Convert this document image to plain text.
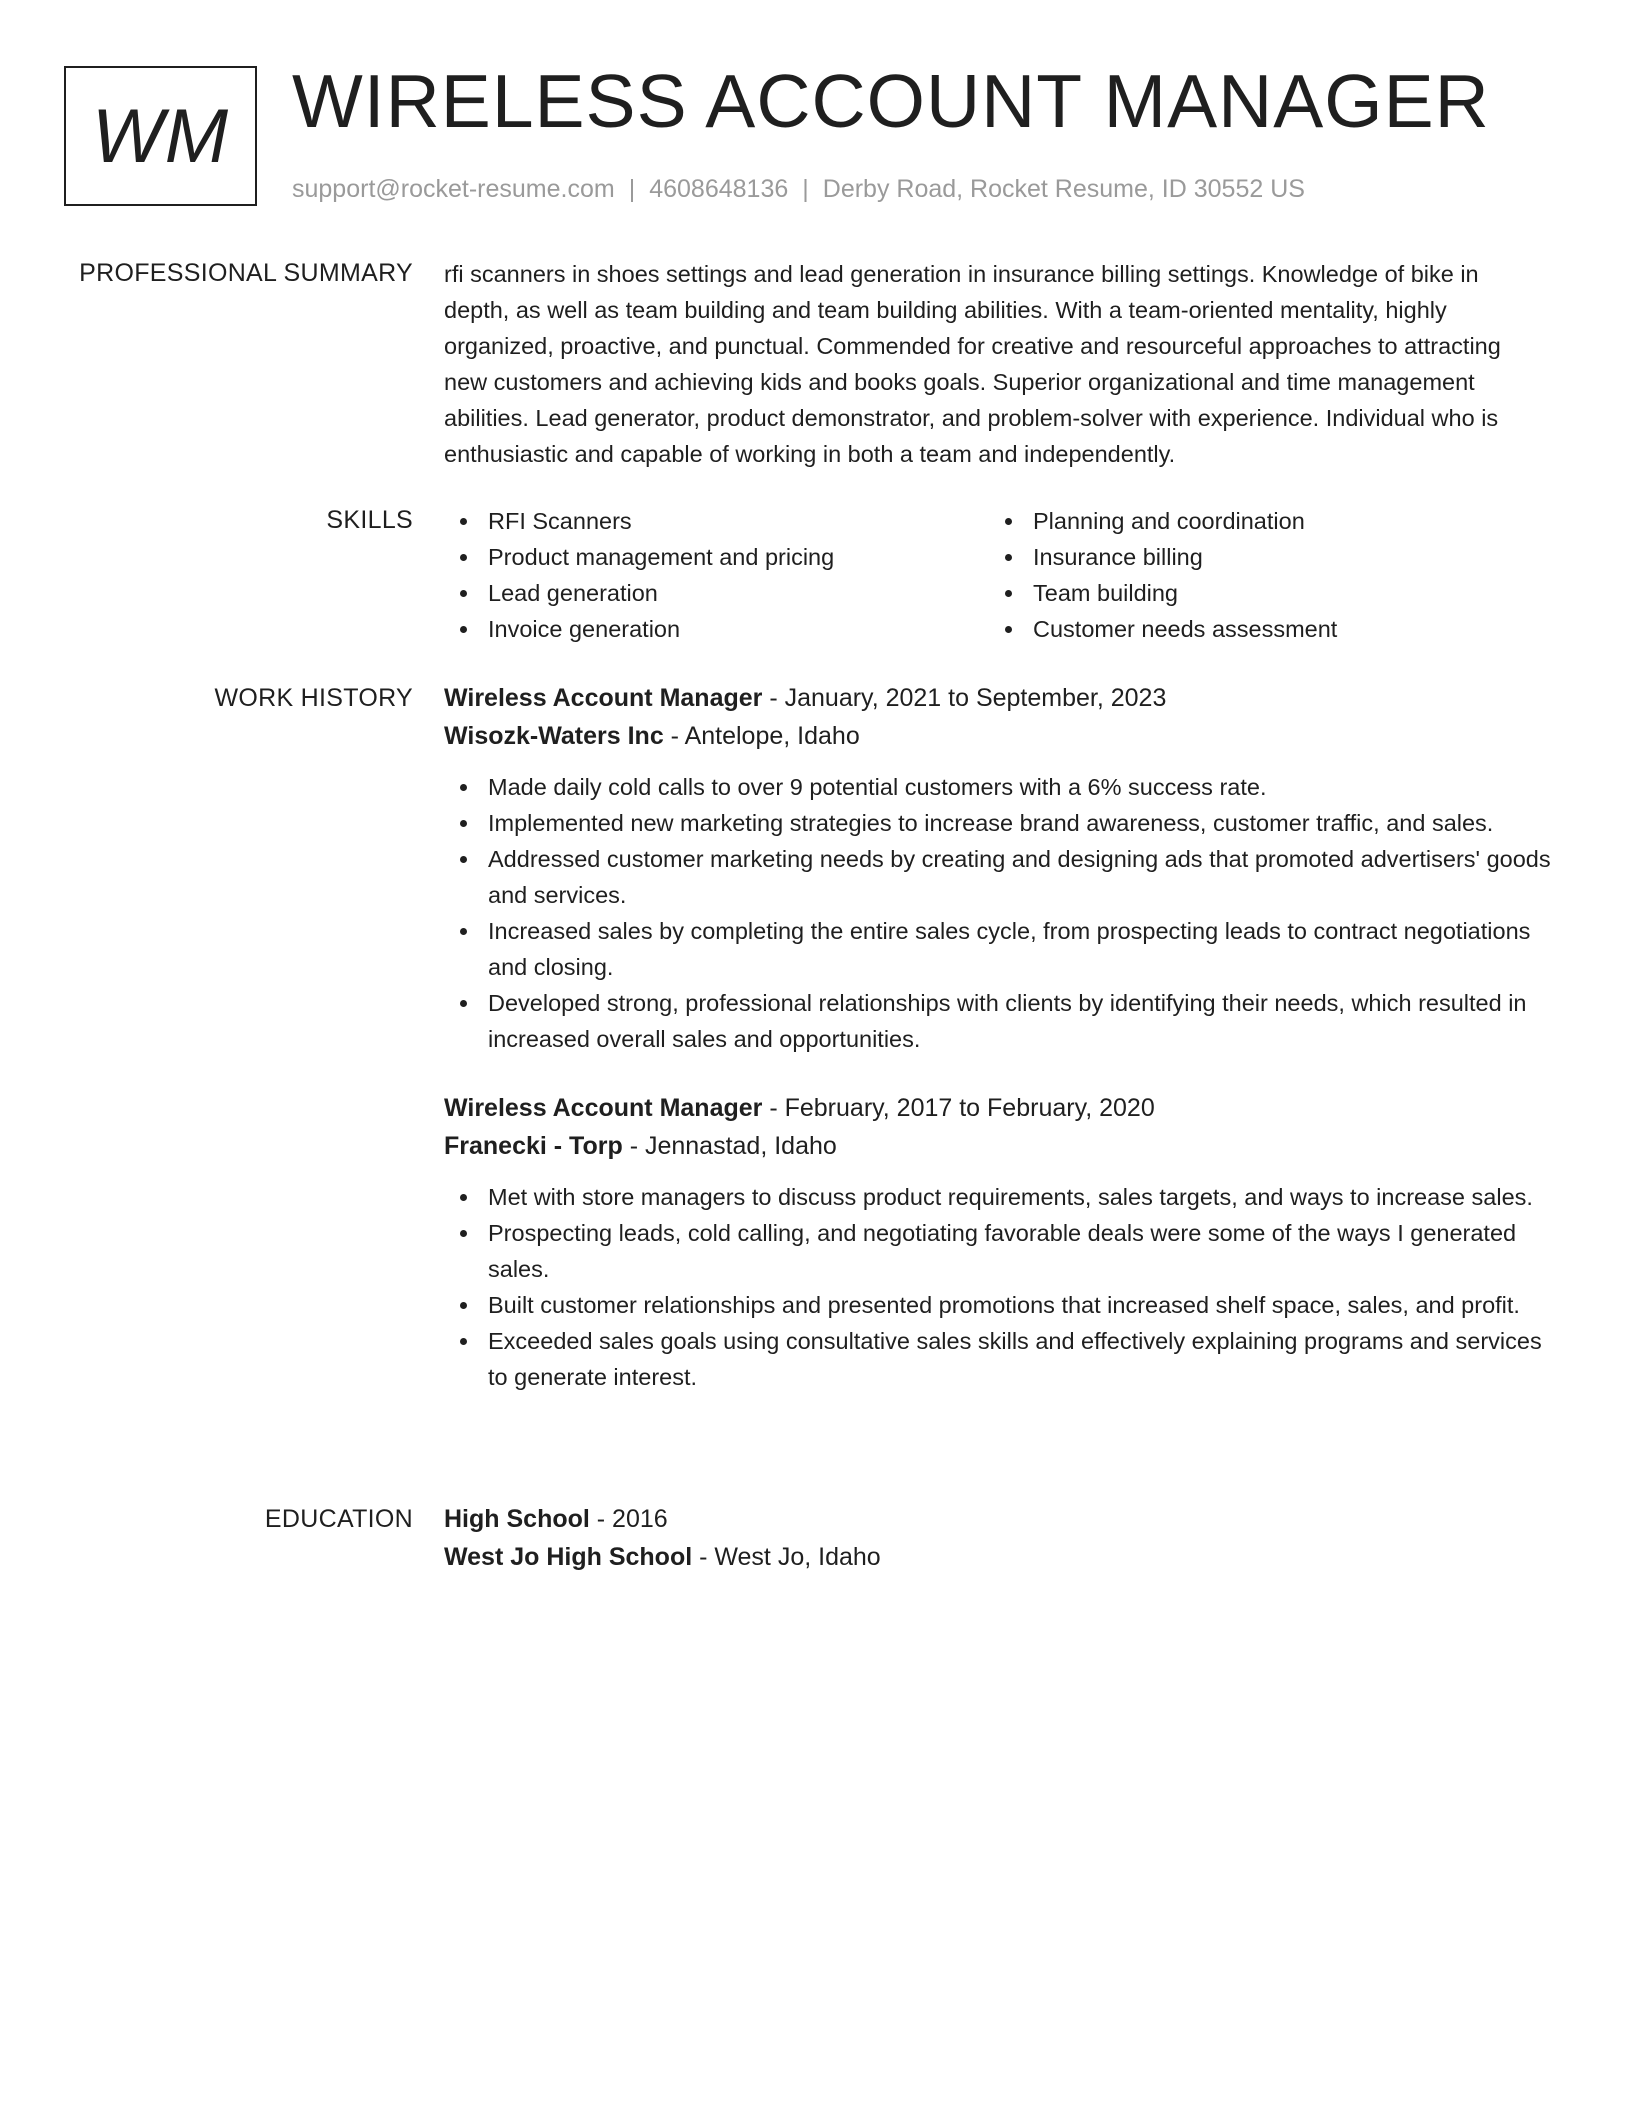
WM WIRELESS ACCOUNT MANAGER
support@rocket-resume.com | 4608648136 | Derby Road, Rocket Resume, ID 30552 US
PROFESSIONAL SUMMARY rfi scanners in shoes settings and lead generation in insurance billing settings. Knowledge of bike in
depth, as well as team building and team building abilities. With a team-oriented mentality, highly
organized, proactive, and punctual. Commended for creative and resourceful approaches to attracting
new customers and achieving kids and books goals. Superior organizational and time management
abilities. Lead generator, product demonstrator, and problem-solver with experience. Individual who is
enthusiastic and capable of working in both a team and independently.
SKILLS	RFI Scanners
Product management and pricing
Lead generation
Invoice generation
Planning and coordination
Insurance billing
Team building
Customer needs assessment
WORK HISTORY Wireless Account Manager - January, 2021 to September, 2023
Wisozk-Waters Inc - Antelope, Idaho
Made daily cold calls to over 9 potential customers with a 6% success rate.
Implemented new marketing strategies to increase brand awareness, customer traffic, and sales.
Addressed customer marketing needs by creating and designing ads that promoted advertisers' goods and services.
Increased sales by completing the entire sales cycle, from prospecting leads to contract negotiations and closing.
Developed strong, professional relationships with clients by identifying their needs, which resulted in increased overall sales and opportunities.
Wireless Account Manager - February, 2017 to February, 2020
Franecki - Torp - Jennastad, Idaho
Met with store managers to discuss product requirements, sales targets, and ways to increase sales.
Prospecting leads, cold calling, and negotiating favorable deals were some of the ways I generated sales.
Built customer relationships and presented promotions that increased shelf space, sales, and profit.
Exceeded sales goals using consultative sales skills and effectively explaining programs and services to generate interest.
EDUCATION High School - 2016
West Jo High School - West Jo, Idaho
